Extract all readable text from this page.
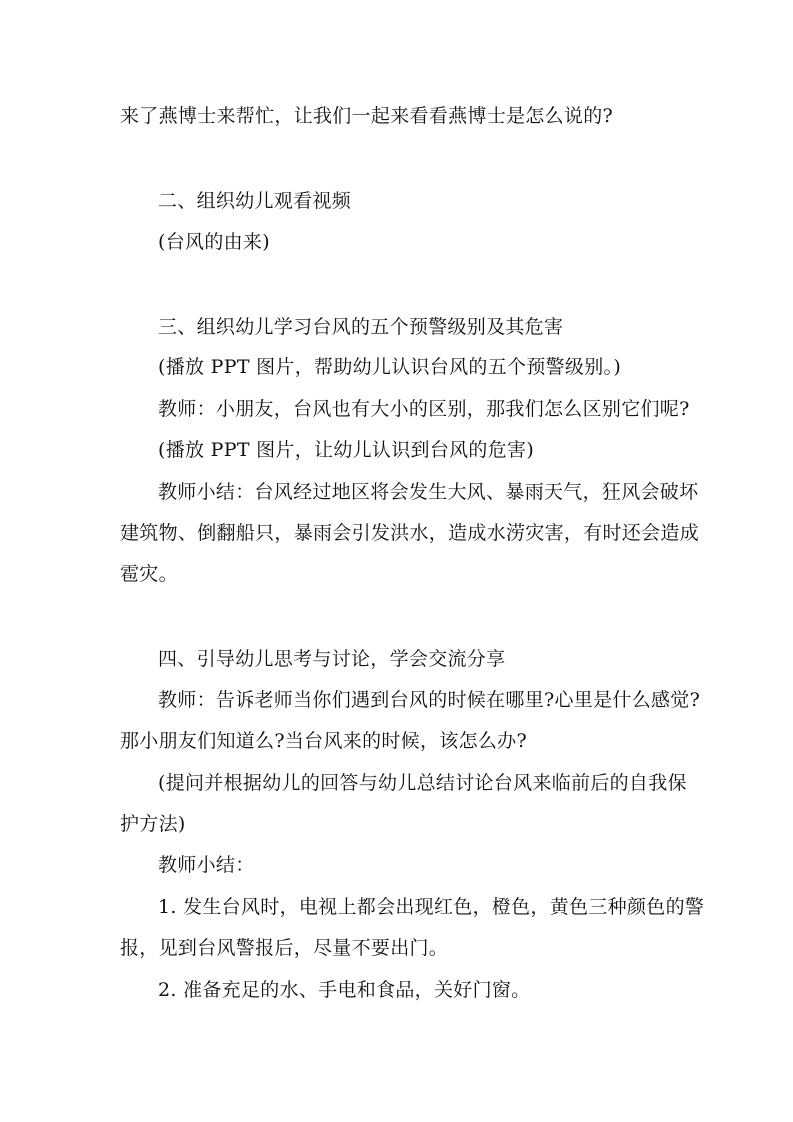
来了燕博士来帮忙，让我们一起来看看燕博士是怎么说的?
二、组织幼儿观看视频
(台风的由来)
三、组织幼儿学习台风的五个预警级别及其危害
(播放 PPT 图片，帮助幼儿认识台风的五个预警级别。)
教师：小朋友，台风也有大小的区别，那我们怎么区别它们呢?
(播放 PPT 图片，让幼儿认识到台风的危害)
教师小结：台风经过地区将会发生大风、暴雨天气，狂风会破坏
建筑物、倒翻船只，暴雨会引发洪水，造成水涝灾害，有时还会造成
雹灾。
四、引导幼儿思考与讨论，学会交流分享
教师：告诉老师当你们遇到台风的时候在哪里?心里是什么感觉?
那小朋友们知道么?当台风来的时候，该怎么办?
(提问并根据幼儿的回答与幼儿总结讨论台风来临前后的自我保
护方法)
教师小结：
1. 发生台风时，电视上都会出现红色，橙色，黄色三种颜色的警
报，见到台风警报后，尽量不要出门。
2. 准备充足的水、手电和食品，关好门窗。
